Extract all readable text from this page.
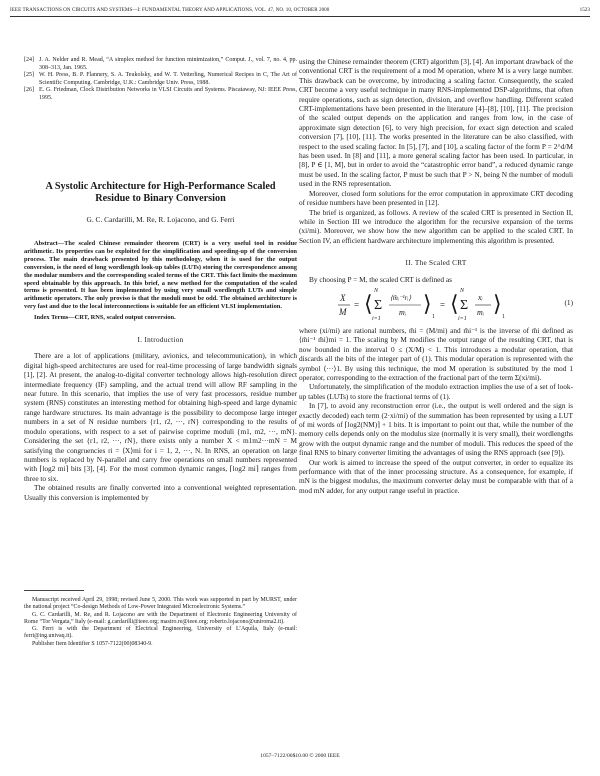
IEEE TRANSACTIONS ON CIRCUITS AND SYSTEMS—I: FUNDAMENTAL THEORY AND APPLICATIONS, VOL. 47, NO. 10, OCTOBER 2000	1523
[24] J. A. Nelder and R. Mead, “A simplex method for function minimization,” Comput. J., vol. 7, no. 4, pp. 308–313, Jan. 1965.
[25] W. H. Press, B. P. Flannery, S. A. Teukolsky, and W. T. Vetterling, Numerical Recipes in C, The Art of Scientific Computing. Cambridge, U.K.: Cambridge Univ. Press, 1988.
[26] E. G. Friedman, Clock Distribution Networks in VLSI Circuits and Systems. Piscataway, NJ: IEEE Press, 1995.
A Systolic Architecture for High-Performance Scaled Residue to Binary Conversion
G. C. Cardarilli, M. Re, R. Lojacono, and G. Ferri

Abstract—The scaled Chinese remainder theorem (CRT) is a very useful tool in residue arithmetic. Its properties can be exploited for the simplification and speeding-up of the conversion process. The main drawback presented by this methodology, when it is used for the output conversion, is the need of long wordlength look-up tables (LUTs) storing the correspondence among the modular numbers and the corresponding scaled terms of the CRT. This fact limits the maximum speed obtainable by this approach. In this brief, a new method for the computation of the scaled terms is presented. It has been implemented by using very small wordlength LUTs and simple arithmetic operators. The only proviso is that the moduli must be odd. The obtained architecture is very fast and due to the local interconnections is suitable for an efficient VLSI implementation.

Index Terms—CRT, RNS, scaled output conversion.

I. Introduction

There are a lot of applications (military, avionics, and telecommunication), in which digital high-speed architectures are used for real-time processing of large bandwidth signals [1], [2]. At present, the analog-to-digital converter technology allows high-resolution direct intermediate frequency (IF) sampling, and the actual trend will allow RF sampling in the near future. In this scenario, that implies the use of very fast processors, residue number system (RNS) constitutes an interesting method for obtaining high-speed and large dynamic range hardware structures. Its main advantage is the possibility to decompose large integer numbers in a set of N residue numbers {r1, r2, ···, rN} corresponding to the results of modulo operations, with respect to a set of pairwise coprime moduli {m1, m2, ···, mN}. Considering the set {r1, r2, ···, rN}, there exists only a number X < m1m2···mN = M satisfying the congruencies ri = ⟨X⟩mi for i = 1, 2, ···, N. In RNS, an operation on large numbers is replaced by N-parallel and carry free operations on small numbers represented with ⌈log2 mi⌉ bits [3], [4]. For the most common dynamic ranges, ⌈log2 mi⌉ ranges from three to six.

The obtained results are finally converted into a conventional weighted representation. Usually this conversion is implemented by

Manuscript received April 29, 1998; revised June 5, 2000. This work was supported in part by MURST, under the national project “Co-design Methods of Low-Power Integrated Microelectronic Systems.”

G. C. Cardarilli, M. Re, and R. Lojacono are with the Department of Electronic Engineering University of Rome “Tor Vergata,” Italy (e-mail: g.cardarilli@ieee.org; mastro.re@ieee.org; roberto.lojacono@uniroma2.it).

G. Ferri is with the Department of Electrical Engineering, University of L’Aquila, Italy (e-mail: ferri@ing.univaq.it).

Publisher Item Identifier S 1057-7122(00)08340-9.

using the Chinese remainder theorem (CRT) algorithm [3], [4]. An important drawback of the conventional CRT is the requirement of a mod M operation, where M is a very large number. This drawback can be overcome, by introducing a scaling factor. Consequently, the scaled CRT become a very useful technique in many RNS-implemented DSP-algorithms, that often require operations, such as sign detection, division, and overflow handling. Different scaled CRT-implementations have been presented in the literature [4]–[8], [10], [11]. The precision of the scaled output depends on the application and ranges from low, in the case of approximate sign detection [6], to very high precision, for exact sign detection and scaled conversion [7], [10], [11]. The works presented in the literature can be also classified, with respect to the used scaling factor. In [5], [7], and [10], a scaling factor of the form P = 2^d/M has been used. In [8] and [11], a more general scaling factor has been used. In particular, in [8], P ∈ [1, M], but in order to avoid the “catastrophic error band”, a reduced dynamic range must be used. In the scaling factor, P must be such that P > N, being N the number of moduli used in the RNS representation.

Moreover, closed form solutions for the error computation in approximate CRT decoding of residue numbers have been presented in [12].

The brief is organized, as follows. A review of the scaled CRT is presented in Section II, while in Section III we introduce the algorithm for the recursive expansion of the terms (xi/mi). Moreover, we show how the new algorithm can be applied to the scaled CRT. In Section IV, an efficient hardware architecture implementing this algorithm is presented.

II. The Scaled CRT

By choosing P = M, the scaled CRT is defined as

X
M
= ⟨ Σ
N
i=1
⟨m̂ᵢ⁻¹rᵢ⟩
mᵢ ⟩
1
= ⟨ Σ
N
i=1
xᵢ
mᵢ ⟩
1
(1)

where (xi/mi) are rational numbers, m̂i = (M/mi) and m̂i⁻¹ is the inverse of m̂i defined as ⟨m̂i⁻¹ m̂i⟩mi = 1. The scaling by M modifies the output range of the resulting CRT, that is now bounded in the interval 0 ≤ (X/M) < 1. This introduces a modular operation, that discards all the bits of the integer part of (1). This modular operation is represented with the symbol ⟨···⟩1. By using this technique, the mod M operation is substituted by the mod 1 operator, corresponding to the extraction of the fractional part of the term Σ(xi/mi).

Unfortunately, the simplification of the modulo extraction implies the use of a set of look-up tables (LUTs) to store the fractional terms of (1).

In [7], to avoid any reconstruction error (i.e., the output is well ordered and the sign is exactly decoded) each term (2·xi/mi) of the summation has been represented by using a LUT of mi words of ⌈log2(NM)⌉ + 1 bits. It is important to point out that, while the number of the memory cells depends only on the modulus size (normally it is very small), their wordlengths grow with the output dynamic range and the number of moduli. This reduces the speed of the final RNS to binary converter limiting the advantages of using the RNS approach (see [9]).

Our work is aimed to increase the speed of the output converter, in order to equalize its performance with that of the inner processing structure. As a consequence, for example, if mN is the biggest modulus, the maximum converter delay must be comparable with that of a mod mN adder, for any output range useful in practice.

1057–7122/00$10.00 © 2000 IEEE
